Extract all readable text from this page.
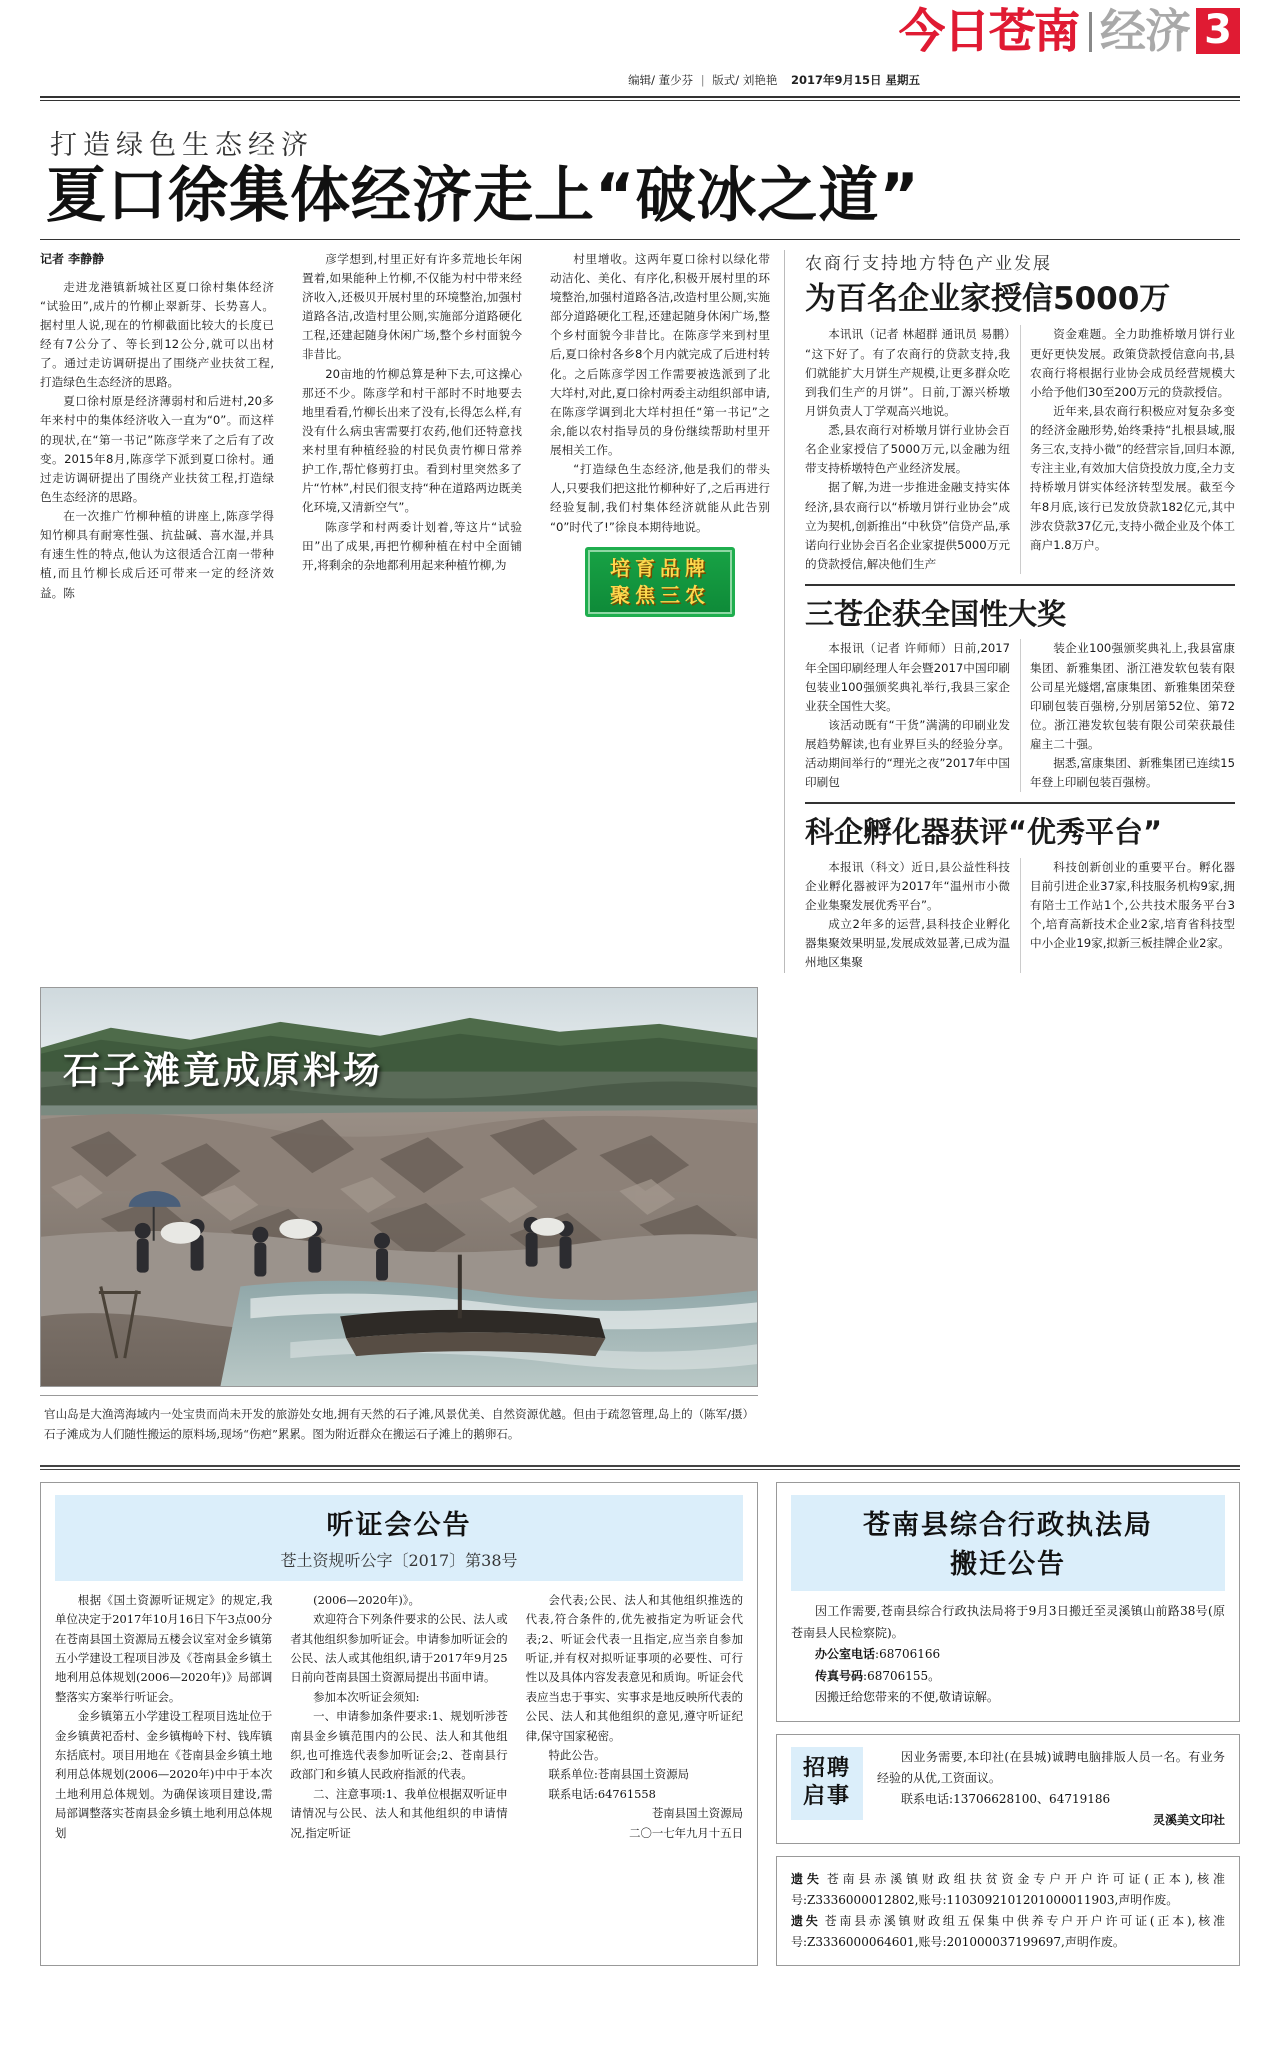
编辑/ 董少芬 | 版式/ 刘艳艳 2017年9月15日 星期五
今日苍南 经济 3
打造绿色生态经济
夏口徐集体经济走上“破冰之道”
记者 李静静

走进龙港镇新城社区夏口徐村集体经济“试验田”,成片的竹柳止翠新芽、长势喜人。据村里人说,现在的竹柳截面比较大的长度已经有7公分了、等长到12公分,就可以出材了。通过走访调研提出了围绕产业扶贫工程,打造绿色生态经济的思路。

夏口徐村原是经济薄弱村和后进村,20多年来村中的集体经济收入一直为“0”。而这样的现状,在“第一书记”陈彦学来了之后有了改变。2015年8月,陈彦学下派到夏口徐村。通过走访调研提出了围绕产业扶贫工程,打造绿色生态经济的思路。

在一次推广竹柳种植的讲座上,陈彦学得知竹柳具有耐寒性强、抗盐碱、喜水湿,并具有速生性的特点,他认为这很适合江南一带种植,而且竹柳长成后还可带来一定的经济效益。陈

彦学想到,村里正好有许多荒地长年闲置着,如果能种上竹柳,不仅能为村中带来经济收入,还极贝开展村里的环境整治,加强村道路各洁,改造村里公厕,实施部分道路硬化工程,还建起随身休闲广场,整个乡村面貌今非昔比。

20亩地的竹柳总算是种下去,可这操心那还不少。陈彦学和村干部时不时地要去地里看看,竹柳长出来了没有,长得怎么样,有没有什么病虫害需要打农药,他们还特意找来村里有种植经验的村民负责竹柳日常养护工作,帮忙修剪打虫。看到村里突然多了片“竹林”,村民们很支持“种在道路两边既美化环境,又清新空气”。

陈彦学和村两委计划着,等这片“试验田”出了成果,再把竹柳种植在村中全面铺开,将剩余的杂地都利用起来种植竹柳,为

村里增收。这两年夏口徐村以绿化带动洁化、美化、有序化,积极开展村里的环境整治,加强村道路各洁,改造村里公厕,实施部分道路硬化工程,还建起随身休闲广场,整个乡村面貌今非昔比。在陈彦学来到村里后,夏口徐村各乡8个月内就完成了后进村转化。之后陈彦学因工作需要被选派到了北大垟村,对此,夏口徐村两委主动组织部申请,在陈彦学调到北大垟村担任“第一书记”之余,能以农村指导员的身份继续帮助村里开展相关工作。

“打造绿色生态经济,他是我们的带头人,只要我们把这批竹柳种好了,之后再进行经验复制,我们村集体经济就能从此告别“0”时代了!”徐良本期待地说。

培育品牌
聚焦三农
农商行支持地方特色产业发展
为百名企业家授信5000万

本讯讯（记者 林超群 通讯员 易鹏）“这下好了。有了农商行的贷款支持,我们就能扩大月饼生产规模,让更多群众吃到我们生产的月饼”。日前,丁源兴桥墩月饼负责人丁学观高兴地说。

悉,县农商行对桥墩月饼行业协会百名企业家授信了5000万元,以金融为纽带支持桥墩特色产业经济发展。

据了解,为进一步推进金融支持实体经济,县农商行以“桥墩月饼行业协会”成立为契机,创新推出“中秋贷”信贷产品,承诺向行业协会百名企业家提供5000万元的贷款授信,解决他们生产

资金难题。全力助推桥墩月饼行业更好更快发展。政策贷款授信意向书,县农商行将根据行业协会成员经营规模大小给予他们30至200万元的贷款授信。

近年来,县农商行积极应对复杂多变的经济金融形势,始终秉持“扎根县域,服务三农,支持小微”的经营宗旨,回归本源,专注主业,有效加大信贷投放力度,全力支持桥墩月饼实体经济转型发展。截至今年8月底,该行已发放贷款182亿元,其中涉农贷款37亿元,支持小微企业及个体工商户1.8万户。

三苍企获全国性大奖

本报讯（记者 许师师）日前,2017年全国印刷经理人年会暨2017中国印刷包装业100强颁奖典礼举行,我县三家企业获全国性大奖。

该活动既有“干货”满满的印刷业发展趋势解读,也有业界巨头的经验分享。活动期间举行的“理光之夜”2017年中国印刷包

装企业100强颁奖典礼上,我县富康集团、新雅集团、浙江港发软包装有限公司星光燧熠,富康集团、新雅集团荣登印刷包装百强榜,分别居第52位、第72位。浙江港发软包装有限公司荣获最佳雇主二十强。

据悉,富康集团、新雅集团已连续15年登上印刷包装百强榜。

科企孵化器获评“优秀平台”

本报讯（科文）近日,县公益性科技企业孵化器被评为2017年“温州市小微企业集聚发展优秀平台”。

成立2年多的运营,县科技企业孵化器集聚效果明显,发展成效显著,已成为温州地区集聚

科技创新创业的重要平台。孵化器目前引进企业37家,科技服务机构9家,拥有陪士工作站1个,公共技术服务平台3个,培育高新技术企业2家,培育省科技型中小企业19家,拟新三板挂牌企业2家。

石子滩竟成原料场
（陈军/摄）
官山岛是大渔湾海域内一处宝贵而尚未开发的旅游处女地,拥有天然的石子滩,风景优美、自然资源优越。但由于疏忽管理,岛上的石子滩成为人们随性搬运的原料场,现场“伤疤”累累。图为附近群众在搬运石子滩上的鹅卵石。
听证会公告
苍土资规听公字〔2017〕第38号

根据《国土资源听证规定》的规定,我单位决定于2017年10月16日下午3点00分在苍南县国土资源局五楼会议室对金乡镇第五小学建设工程项目涉及《苍南县金乡镇土地利用总体规划(2006—2020年)》局部调整落实方案举行听证会。

金乡镇第五小学建设工程项目选址位于金乡镇黄祀岙村、金乡镇梅岭下村、钱库镇东括底村。项目用地在《苍南县金乡镇土地利用总体规划(2006—2020年)中中于本次土地利用总体规划。为确保该项目建设,需局部调整落实苍南县金乡镇土地利用总体规划

(2006—2020年)》。

欢迎符合下列条件要求的公民、法人或者其他组织参加听证会。申请参加听证会的公民、法人或其他组织,请于2017年9月25日前向苍南县国土资源局提出书面申请。

参加本次听证会须知:

一、申请参加条件要求:1、规划听涉苍南县金乡镇范围内的公民、法人和其他组织,也可推选代表参加听证会;2、苍南县行政部门和乡镇人民政府指派的代表。

二、注意事项:1、我单位根据双听证申请情况与公民、法人和其他组织的申请情况,指定听证

会代表;公民、法人和其他组织推选的代表,符合条件的,优先被指定为听证会代表;2、听证会代表一且指定,应当亲自参加听证,并有权对拟听证事项的必要性、可行性以及具体内容发表意见和质询。听证会代表应当忠于事实、实事求是地反映所代表的公民、法人和其他组织的意见,遵守听证纪律,保守国家秘密。

特此公告。

联系单位:苍南县国土资源局

联系电话:64761558

苍南县国土资源局

二〇一七年九月十五日

苍南县综合行政执法局
搬迁公告

因工作需要,苍南县综合行政执法局将于9月3日搬迁至灵溪镇山前路38号(原苍南县人民检察院)。

办公室电话:68706166

传真号码:68706155。

因搬迁给您带来的不便,敬请谅解。

招聘
启事

因业务需要,本印社(在县城)诚聘电脑排版人员一名。有业务经验的从优,工资面议。

联系电话:13706628100、64719186

灵溪美文印社

遗失 苍南县赤溪镇财政组扶贫资金专户开户许可证(正本),核准号:Z3336000012802,账号:1103092101201000011903,声明作废。

遗失 苍南县赤溪镇财政组五保集中供养专户开户许可证(正本),核准号:Z3336000064601,账号:201000037199697,声明作废。
